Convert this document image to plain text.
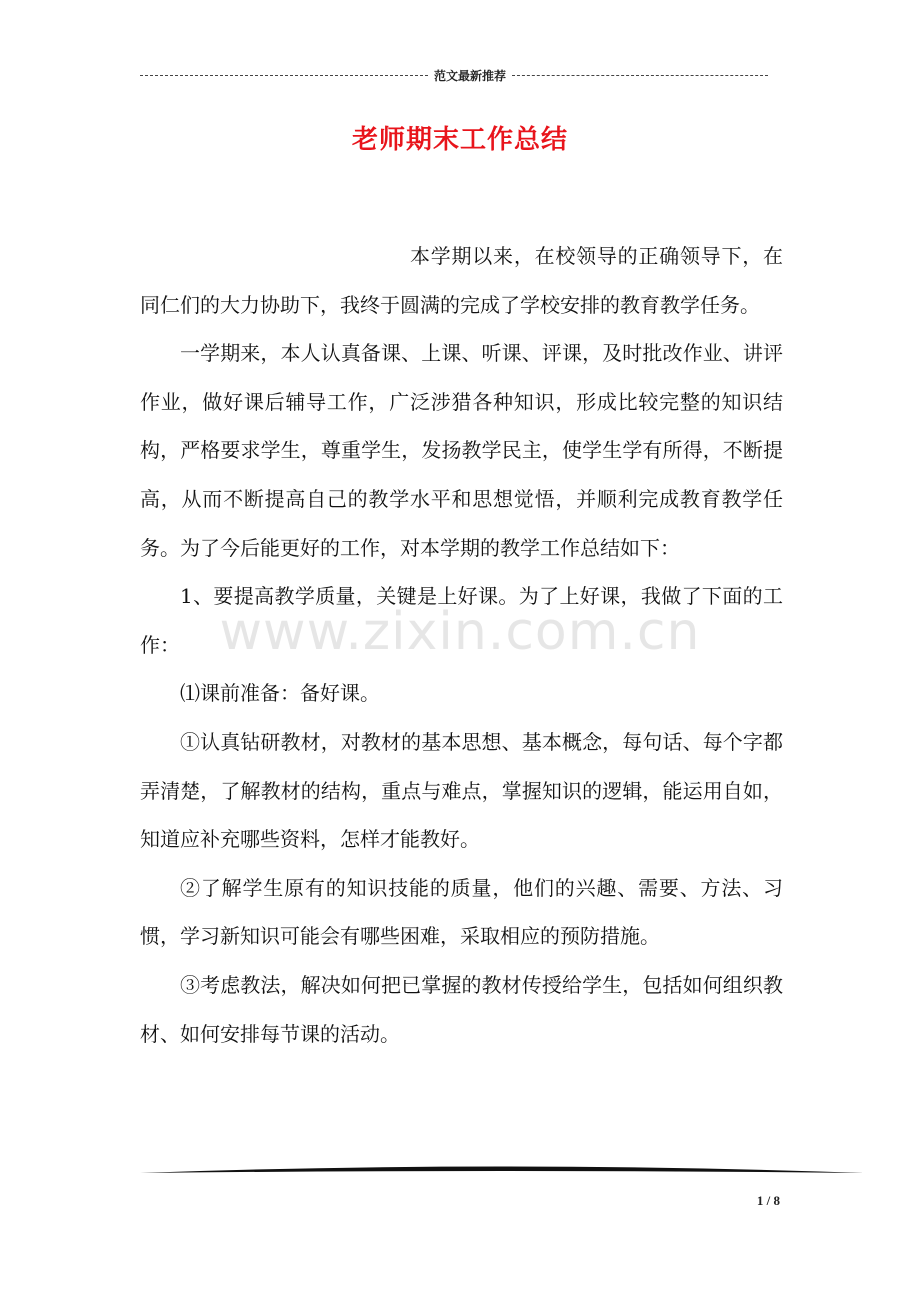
范文最新推荐
老师期末工作总结
www.zixin.com.cn

本学期以来，在校领导的正确领导下，在同仁们的大力协助下，我终于圆满的完成了学校安排的教育教学任务。

一学期来，本人认真备课、上课、听课、评课，及时批改作业、讲评作业，做好课后辅导工作，广泛涉猎各种知识，形成比较完整的知识结构，严格要求学生，尊重学生，发扬教学民主，使学生学有所得，不断提高，从而不断提高自己的教学水平和思想觉悟，并顺利完成教育教学任务。为了今后能更好的工作，对本学期的教学工作总结如下：

1、要提高教学质量，关键是上好课。为了上好课，我做了下面的工作：

⑴课前准备：备好课。

①认真钻研教材，对教材的基本思想、基本概念，每句话、每个字都弄清楚，了解教材的结构，重点与难点，掌握知识的逻辑，能运用自如，知道应补充哪些资料，怎样才能教好。

②了解学生原有的知识技能的质量，他们的兴趣、需要、方法、习惯，学习新知识可能会有哪些困难，采取相应的预防措施。

③考虑教法，解决如何把已掌握的教材传授给学生，包括如何组织教材、如何安排每节课的活动。

1 / 8
